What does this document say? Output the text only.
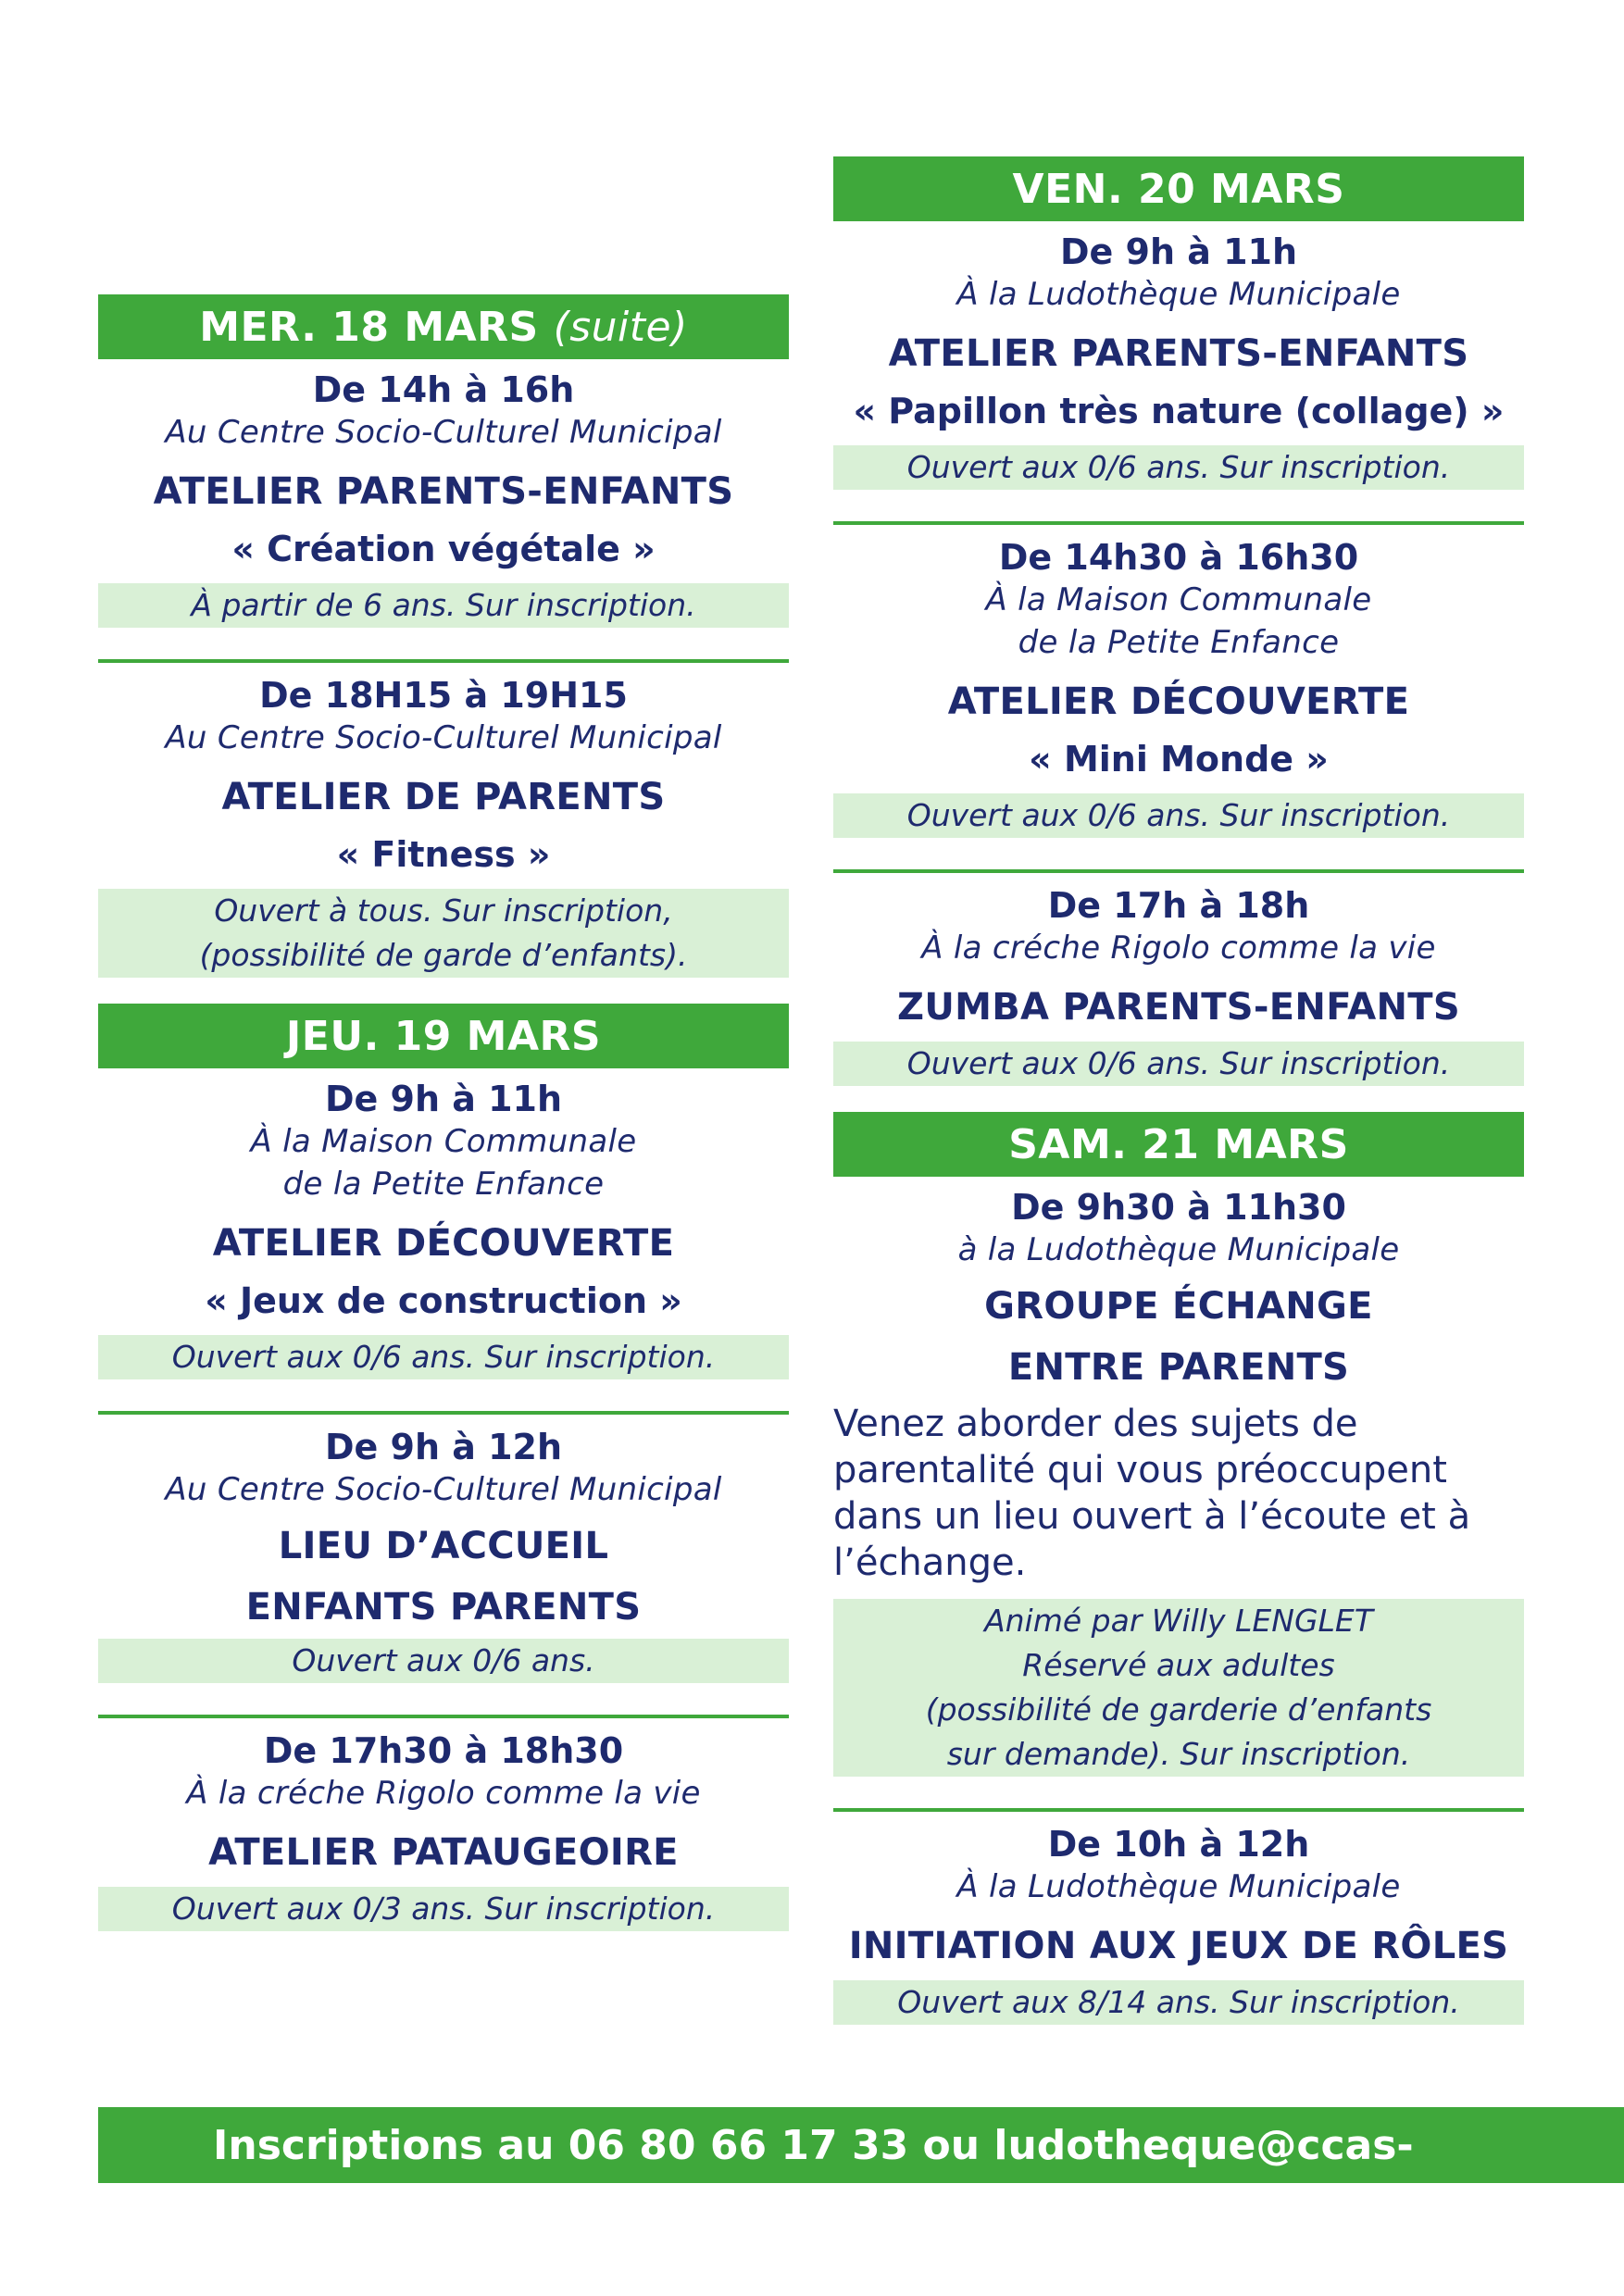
MER. 18 MARS (suite)
De 14h à 16h
Au Centre Socio-Culturel Municipal
ATELIER PARENTS-ENFANTS
« Création végétale »
À partir de 6 ans. Sur inscription.
De 18H15 à 19H15
Au Centre Socio-Culturel Municipal
ATELIER DE PARENTS
« Fitness »
Ouvert à tous. Sur inscription,
(possibilité de garde d’enfants).
JEU. 19 MARS
De 9h à 11h
À la Maison Communale
de la Petite Enfance
ATELIER DÉCOUVERTE
« Jeux de construction »
Ouvert aux 0/6 ans. Sur inscription.
De 9h à 12h
Au Centre Socio-Culturel Municipal
LIEU D’ACCUEIL
ENFANTS PARENTS
Ouvert aux 0/6 ans.
De 17h30 à 18h30
À la créche Rigolo comme la vie
ATELIER PATAUGEOIRE
Ouvert aux 0/3 ans. Sur inscription.
VEN. 20 MARS
De 9h à 11h
À la Ludothèque Municipale
ATELIER PARENTS-ENFANTS
« Papillon très nature (collage) »
Ouvert aux 0/6 ans. Sur inscription.
De 14h30 à 16h30
À la Maison Communale
de la Petite Enfance
ATELIER DÉCOUVERTE
« Mini Monde »
Ouvert aux 0/6 ans. Sur inscription.
De 17h à 18h
À la créche Rigolo comme la vie
ZUMBA PARENTS-ENFANTS
Ouvert aux 0/6 ans. Sur inscription.
SAM. 21 MARS
De 9h30 à 11h30
à la Ludothèque Municipale
GROUPE ÉCHANGE
ENTRE PARENTS
Venez aborder des sujets de
parentalité qui vous préoccupent
dans un lieu ouvert à l’écoute et à
l’échange.
Animé par Willy LENGLET
Réservé aux adultes
(possibilité de garderie d’enfants
sur demande). Sur inscription.
De 10h à 12h
À la Ludothèque Municipale
INITIATION AUX JEUX DE RÔLES
Ouvert aux 8/14 ans. Sur inscription.
Inscriptions au 06 80 66 17 33 ou ludotheque@ccas-somain.fr
